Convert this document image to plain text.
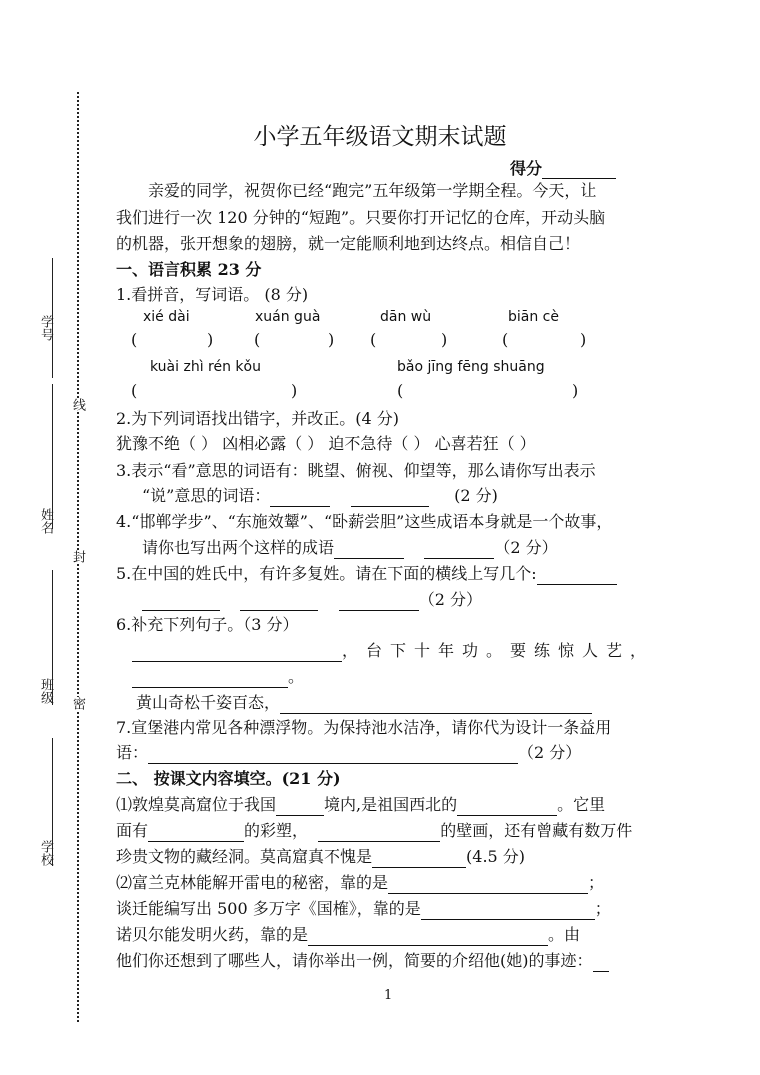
学号
姓名
班级
学校
线
封
密
小学五年级语文期末试题
得分
亲爱的同学，祝贺你已经“跑完”五年级第一学期全程。今天，让
我们进行一次 120 分钟的“短跑”。只要你打开记忆的仓库，开动头脑
的机器，张开想象的翅膀，就一定能顺利地到达终点。相信自己！
一、语言积累 23 分
1.看拼音，写词语。 (8 分)
xié dài	xuán guà	dān wù	biān cè
(	)	(	) (	)	(	)
kuài zhì rén kǒu	bǎo jīng fēng shuāng
(	)	(	)
2.为下列词语找出错字，并改正。(4 分)
犹豫不绝（ ） 凶相必露（ ） 迫不急待（ ） 心喜若狂（ ）
3.表示“看”意思的词语有：眺望、俯视、仰望等，那么请你写出表示
“说”意思的词语：	(2 分)
4.“邯郸学步”、“东施效颦”、“卧薪尝胆”这些成语本身就是一个故事，
请你也写出两个这样的成语	（2 分）
5.在中国的姓氏中，有许多复姓。请在下面的横线上写几个:
（2 分）
6.补充下列句子。（3 分）
，台下十年功。要练惊人艺，
。
黄山奇松千姿百态，
7.宣堡港内常见各种漂浮物。为保持池水洁净，请你代为设计一条益用
语：	（2 分）
二、 按课文内容填空。(21 分)
⑴敦煌莫高窟位于我国	境内,是祖国西北的	。它里
面有	的彩塑，	的壁画，还有曾藏有数万件
珍贵文物的藏经洞。莫高窟真不愧是	(4.5 分)
⑵富兰克林能解开雷电的秘密，靠的是	；
谈迁能编写出 500 多万字《国榷》，靠的是	；
诺贝尔能发明火药，靠的是	。由
他们你还想到了哪些人，请你举出一例，简要的介绍他(她)的事迹：
1
